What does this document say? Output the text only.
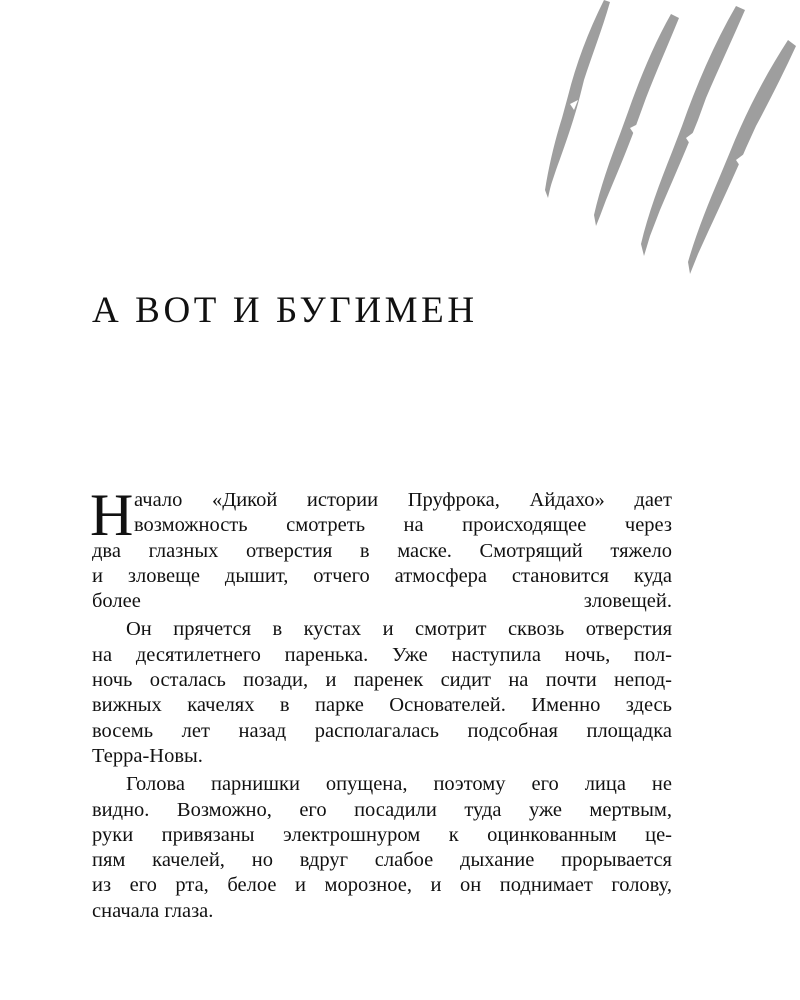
А ВОТ И БУГИМЕН
Н ачало «Дикой истории Пруфрока, Айдахо» дает
возможность смотреть на происходящее через
два глазных отверстия в маске. Смотрящий тяжело
и зловеще дышит, отчего атмосфера становится куда
более зловещей.
Он прячется в кустах и смотрит сквозь отверстия
на десятилетнего паренька. Уже наступила ночь, пол-
ночь осталась позади, и паренек сидит на почти непод-
вижных качелях в парке Основателей. Именно здесь
восемь лет назад располагалась подсобная площадка
Терра-Новы.
Голова парнишки опущена, поэтому его лица не
видно. Возможно, его посадили туда уже мертвым,
руки привязаны электрошнуром к оцинкованным це-
пям качелей, но вдруг слабое дыхание прорывается
из его рта, белое и морозное, и он поднимает голову,
сначала глаза.
